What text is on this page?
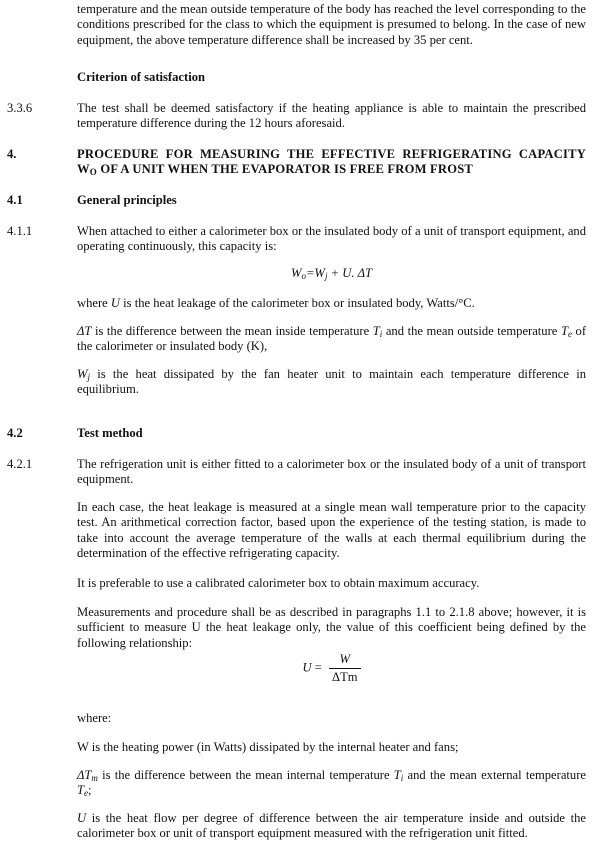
temperature and the mean outside temperature of the body has reached the level corresponding to the conditions prescribed for the class to which the equipment is presumed to belong. In the case of new equipment, the above temperature difference shall be increased by 35 per cent.

Criterion of satisfaction

3.3.6	The test shall be deemed satisfactory if the heating appliance is able to maintain the prescribed temperature difference during the 12 hours aforesaid.

4.	PROCEDURE FOR MEASURING THE EFFECTIVE REFRIGERATING CAPACITY $W_O$ OF A UNIT WHEN THE EVAPORATOR IS FREE FROM FROST

4.1	General principles

4.1.1	When attached to either a calorimeter box or the insulated body of a unit of transport equipment, and operating continuously, this capacity is:

$W_o=W_j + U$. ΔT

where U is the heat leakage of the calorimeter box or insulated body, Watts/°C.

ΔT is the difference between the mean inside temperature $T_i$ and the mean outside temperature $T_e$ of the calorimeter or insulated body (K),

$W_j$ is the heat dissipated by the fan heater unit to maintain each temperature difference in equilibrium.

4.2	Test method

4.2.1	The refrigeration unit is either fitted to a calorimeter box or the insulated body of a unit of transport equipment.

In each case, the heat leakage is measured at a single mean wall temperature prior to the capacity test. An arithmetical correction factor, based upon the experience of the testing station, is made to take into account the average temperature of the walls at each thermal equilibrium during the determination of the effective refrigerating capacity.

It is preferable to use a calibrated calorimeter box to obtain maximum accuracy.

Measurements and procedure shall be as described in paragraphs 1.1 to 2.1.8 above; however, it is sufficient to measure U the heat leakage only, the value of this coefficient being defined by the following relationship:

$U = \frac{W}{\text{ΔTm}}$

where:

W is the heating power (in Watts) dissipated by the internal heater and fans;

$\Delta T_m$ is the difference between the mean internal temperature $T_i$ and the mean external temperature $T_e$;

U is the heat flow per degree of difference between the air temperature inside and outside the calorimeter box or unit of transport equipment measured with the refrigeration unit fitted.
